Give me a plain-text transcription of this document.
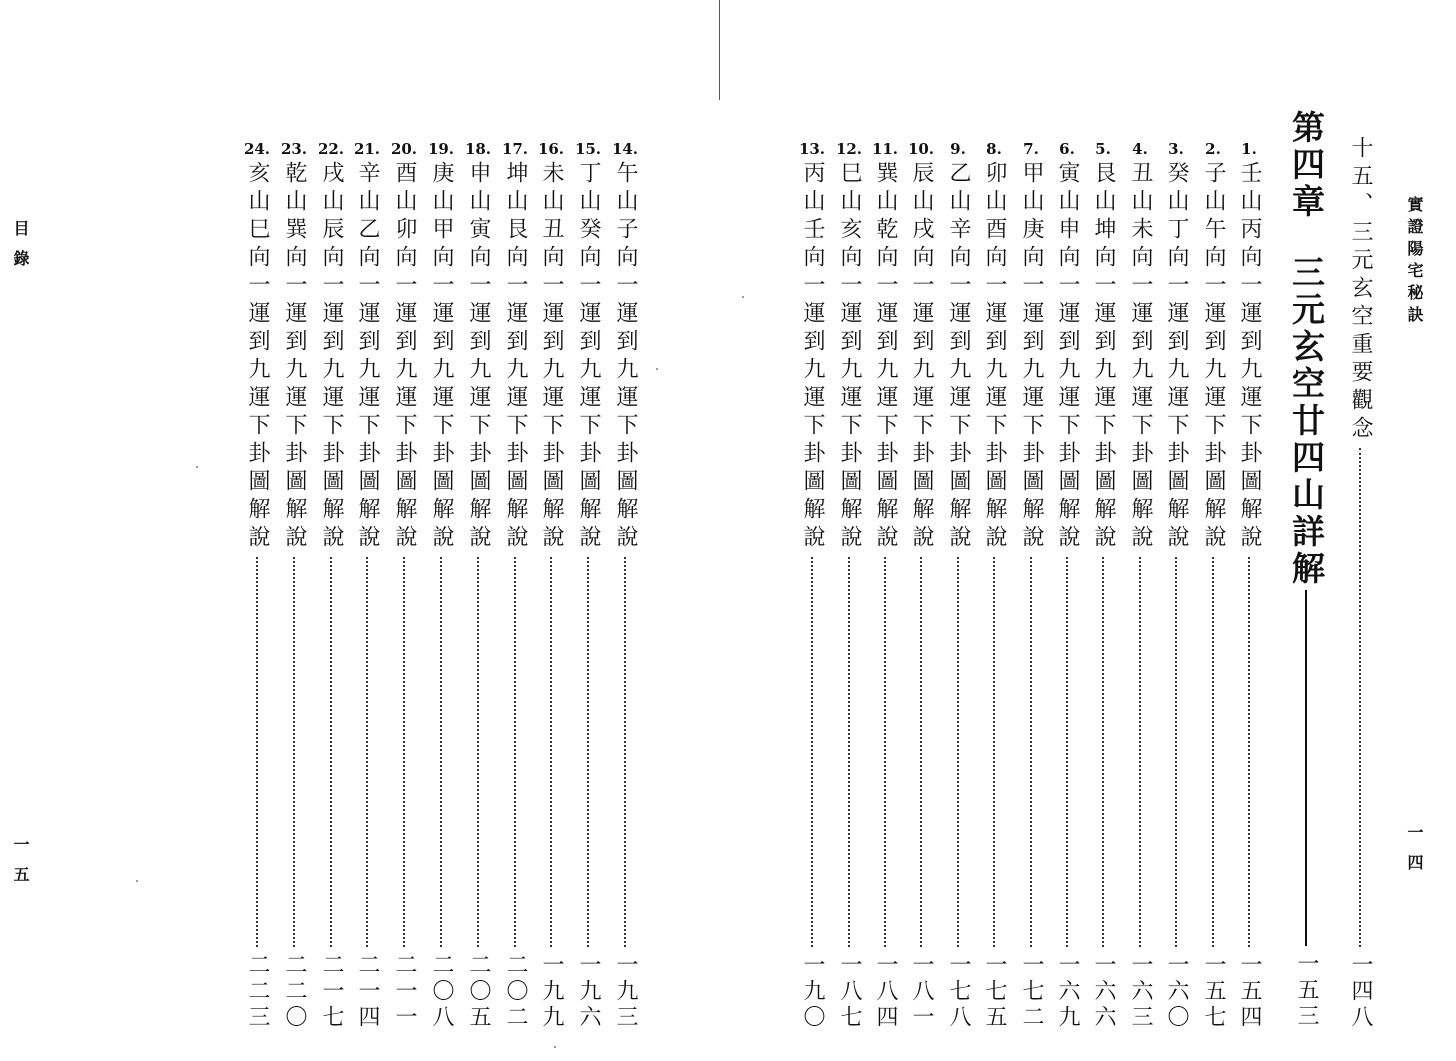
目錄
一五
實證陽宅秘訣
一四
十五、三元玄空重要觀念
一四八
第四章
三元玄空廿四山詳解
一五三
1.
壬山丙向一運到九運下卦圖解說
一五四
2.
子山午向一運到九運下卦圖解說
一五七
3.
癸山丁向一運到九運下卦圖解說
一六〇
4.
丑山未向一運到九運下卦圖解說
一六三
5.
艮山坤向一運到九運下卦圖解說
一六六
6.
寅山申向一運到九運下卦圖解說
一六九
7.
甲山庚向一運到九運下卦圖解說
一七二
8.
卯山酉向一運到九運下卦圖解說
一七五
9.
乙山辛向一運到九運下卦圖解說
一七八
10.
辰山戌向一運到九運下卦圖解說
一八一
11.
巽山乾向一運到九運下卦圖解說
一八四
12.
巳山亥向一運到九運下卦圖解說
一八七
13.
丙山壬向一運到九運下卦圖解說
一九〇
14.
午山子向一運到九運下卦圖解說
一九三
15.
丁山癸向一運到九運下卦圖解說
一九六
16.
未山丑向一運到九運下卦圖解說
一九九
17.
坤山艮向一運到九運下卦圖解說
二〇二
18.
申山寅向一運到九運下卦圖解說
二〇五
19.
庚山甲向一運到九運下卦圖解說
二〇八
20.
酉山卯向一運到九運下卦圖解說
二一一
21.
辛山乙向一運到九運下卦圖解說
二一四
22.
戌山辰向一運到九運下卦圖解說
二一七
23.
乾山巽向一運到九運下卦圖解說
二二〇
24.
亥山巳向一運到九運下卦圖解說
二二三
